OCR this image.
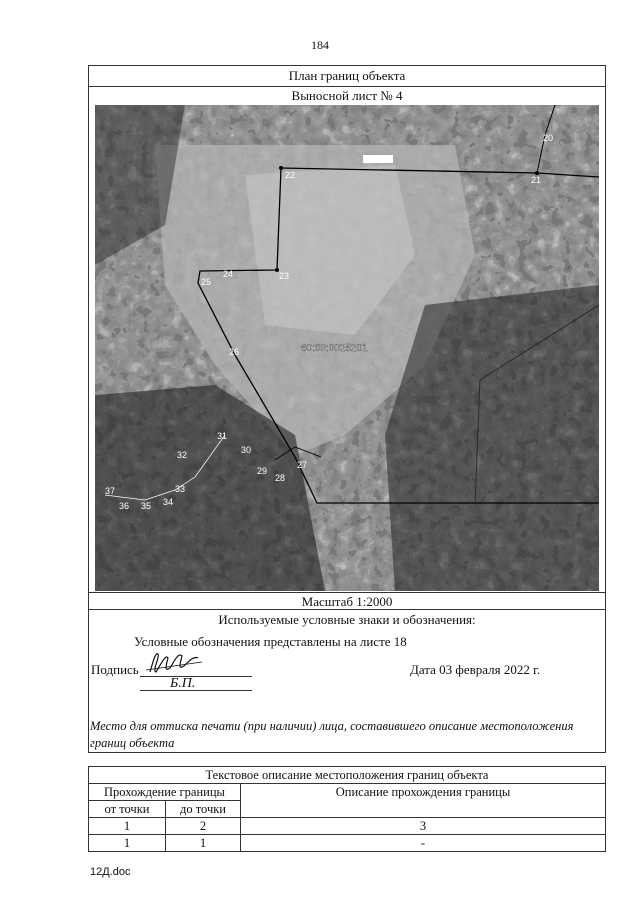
184
План границ объекта
Выносной лист № 4
20
21
22
23
24
25
26
27
28
29
30
31
32
33
34
35
36
37
60:03:0025201
Масштаб 1:2000
Используемые условные знаки и обозначения:
Условные обозначения представлены на листе 18
Подпись
Б.П.
Дата 03 февраля 2022 г.
Место для оттиска печати (при наличии) лица, составившего описание местоположения границ объекта
Текстовое описание местоположения границ объекта		
Прохождение границы		Описание прохождения границы
от точки	до точки	
1	2	3
1	1	-
12Д.doc
